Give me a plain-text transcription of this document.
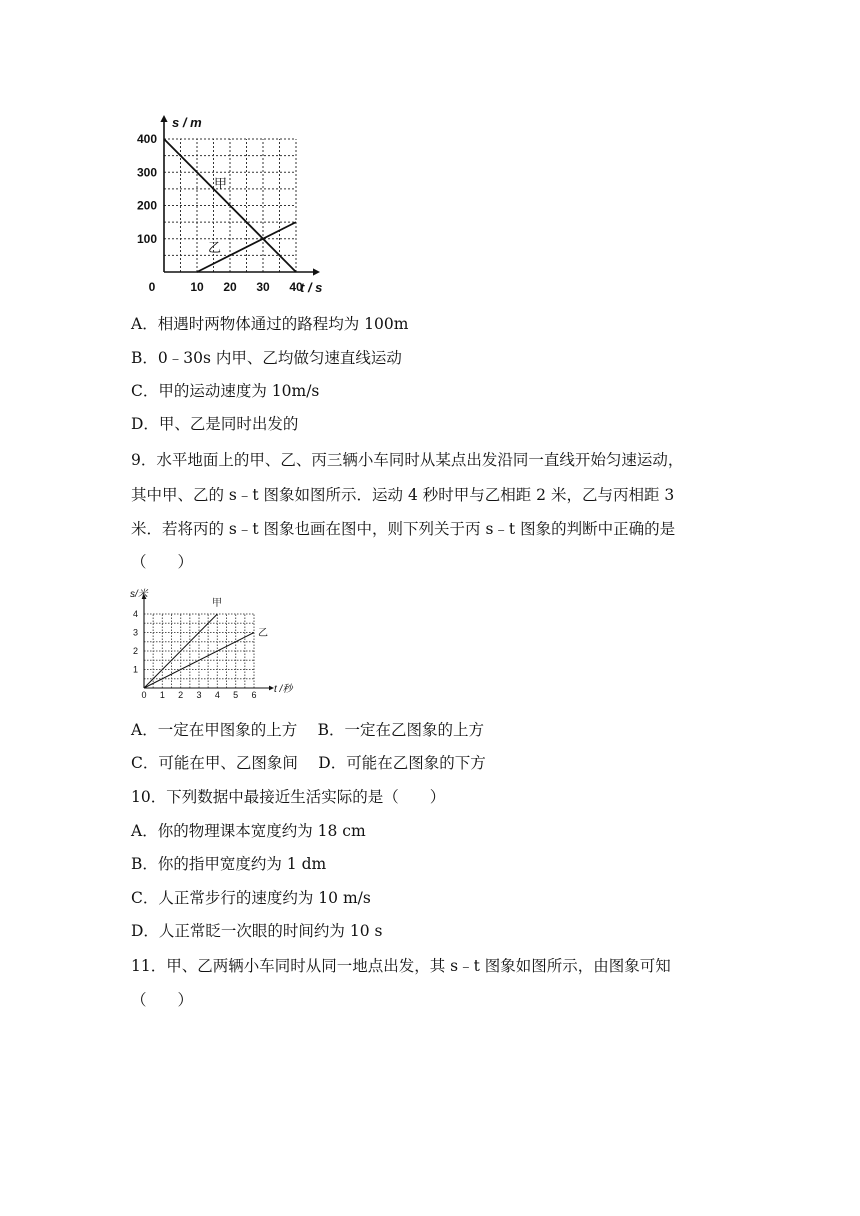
0	10 20 30 40
100
200
300
400
t / s
s / m
甲
乙
A．相遇时两物体通过的路程均为 100m
B．0﹣30s 内甲、乙均做匀速直线运动
C．甲的运动速度为 10m/s
D．甲、乙是同时出发的
9．水平地面上的甲、乙、丙三辆小车同时从某点出发沿同一直线开始匀速运动，
其中甲、乙的 s﹣t 图象如图所示．运动 4 秒时甲与乙相距 2 米，乙与丙相距 3
米．若将丙的 s﹣t 图象也画在图中，则下列关于丙 s﹣t 图象的判断中正确的是
（　　）
0 1 2 3 4 5 6
1
2
3
4
t /秒
s/米
甲
乙
A．一定在甲图象的上方　 B．一定在乙图象的上方
C．可能在甲、乙图象间　 D．可能在乙图象的下方
10．下列数据中最接近生活实际的是（　　）
A．你的物理课本宽度约为 18 cm
B．你的指甲宽度约为 1 dm
C．人正常步行的速度约为 10 m/s
D．人正常眨一次眼的时间约为 10 s
11．甲、乙两辆小车同时从同一地点出发，其 s﹣t 图象如图所示，由图象可知
（　　）
